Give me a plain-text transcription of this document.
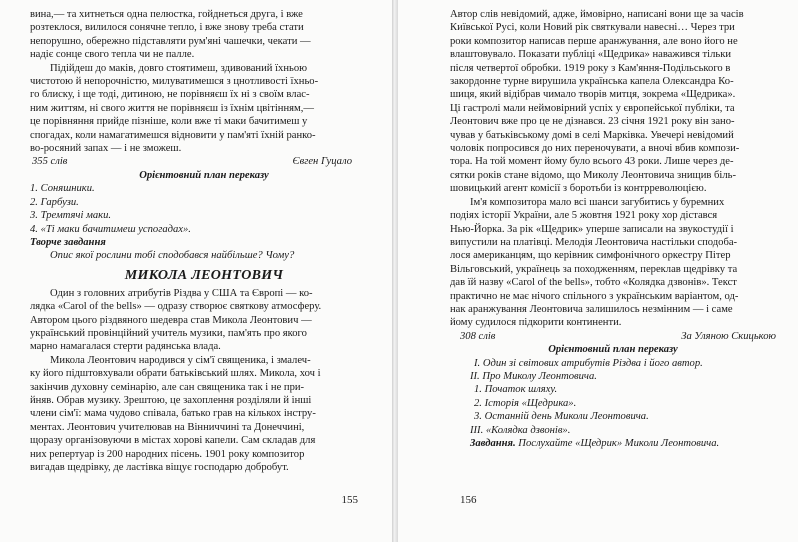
вина,— та хитнеться одна пелюстка, гойднеться друга, і вже
розтеклося, вилилося сонячне тепло, і вже знову треба стати
непорушно, обережно підставляти рум'яні чашечки, чекати —
надіє сонце свого тепла чи не палле.
Підійдеш до маків, довго стоятимеш, здивований їхньою
чистотою й непорочністю, милуватимешся з цнотливості їхньо-
го блиску, і ще тоді, дитиною, не порівняєш їх ні з своїм влас-
ним життям, ні свого життя не порівняєш із їхнім цвітінням,—
це порівняння прийде пізніше, коли вже ті маки бачитимеш у
спогадах, коли намагатимешся відновити у пам'яті їхній ранко-
во-росяний запах — і не зможеш.
355 слів	Євген Гуцало
Орієнтовний план переказу
1. Соняшники.
2. Гарбузи.
3. Тремтячі маки.
4. «Ті маки бачитимеш успогадах».
Творче завдання
Опис якої рослини тобі сподобався найбільше? Чому?
МИКОЛА ЛЕОНТОВИЧ
Один з головних атрибутів Різдва у США та Європі — ко-
лядка «Carol of the bells» — одразу створює святкову атмосферу.
Автором цього різдвяного шедевра став Микола Леонтович —
український провінційний учитель музики, пам'ять про якого
марно намагалася стерти радянська влада.
Микола Леонтович народився у сім'ї священика, і змалеч-
ку його підштовхували обрати батьківський шлях. Микола, хоч і
закінчив духовну семінарію, але сан священика так і не при-
йняв. Обрав музику. Зрештою, це захоплення розділяли й інші
члени сім'ї: мама чудово співала, батько грав на кількох інстру-
ментах. Леонтович учителював на Вінниччині та Донеччині,
щоразу організовуючи в містах хорові капели. Сам складав для
них репертуар із 200 народних пісень. 1901 року композитор
вигадав щедрівку, де ластівка віщує господарю добробут.
155
Автор слів невідомий, адже, ймовірно, написані вони ще за часів
Київської Русі, коли Новий рік святкували навесні… Через три
роки композитор написав перше аранжування, але воно його не
влаштовувало. Показати публіці «Щедрика» наважився тільки
після четвертої обробки. 1919 року з Кам'яння-Подільського в
закордонне турне вирушила українська капела Олександра Ко-
шиця, який відібрав чимало творів митця, зокрема «Щедрика».
Ці гастролі мали неймовірний успіх у європейської публіки, та
Леонтович вже про це не дізнався. 23 січня 1921 року він зано-
чував у батьківському домі в селі Марківка. Увечері невідомий
чоловік попросився до них переночувати, а вночі вбив компози-
тора. На той момент йому було всього 43 роки. Лише через де-
сятки років стане відомо, що Миколу Леонтовича знищив біль-
шовицький агент комісії з боротьби із контрреволюцією.
Ім'я композитора мало всі шанси загубитись у буремних
подіях історії України, але 5 жовтня 1921 року хор дістався
Нью-Йорка. За рік «Щедрик» уперше записали на звукостудії і
випустили на платівці. Мелодія Леонтовича настільки сподоба-
лося американцям, що керівник симфонічного оркестру Пітер
Вільговський, українець за походженням, переклав щедрівку та
дав їй назву «Carol of the bells», тобто «Колядка дзвонів». Текст
практично не має нічого спільного з українським варіантом, од-
нак аранжування Леонтовича залишилось незмінним — і саме
йому судилося підкорити континенти.
308 слів	За Уляною Скицькою
Орієнтовний план переказу
I. Один зі світових атрибутів Різдва і його автор.
II. Про Миколу Леонтовича.
1. Початок шляху.
2. Історія «Щедрика».
3. Останній день Миколи Леонтовича.
III. «Колядка дзвонів».
Завдання. Послухайте «Щедрик» Миколи Леонтовича.
156
